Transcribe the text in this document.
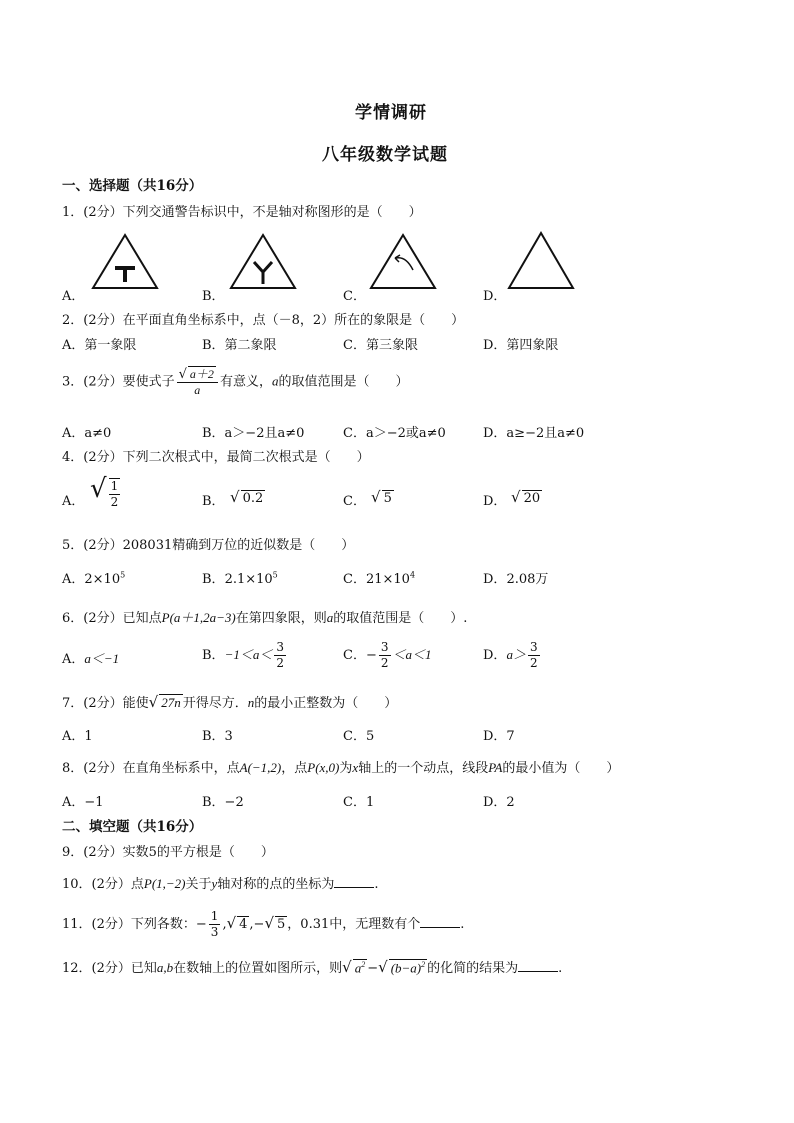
学情调研
八年级数学试题
一、选择题（共16分）
1．(2分）下列交通警告标识中，不是轴对称图形的是（　　）
A．	B．	C．	D．
2．(2分）在平面直角坐标系中，点（－8，2）所在的象限是（　　）
A．第一象限	B．第二象限	C．第三象限	D．第四象限
3．(2分）要使式子 $\frac{√ a+2}{a}$ 有意义，a的取值范围是（　　）
A．a≠0	B．a＞−2且a≠0	C．a＞−2或a≠0	D．a≥−2且a≠0
4．(2分）下列二次根式中，最简二次根式是（　　）
A． √ $\frac{1}{2}$	B． √ 0.2	C． √ 5	D． √ 20
5．(2分）208031精确到万位的近似数是（　　）
A．$2\times 10^5$	B．$2.1\times 10^5$	C．$21\times 10^4$	D．2.08万
6．(2分）已知点P(a＋1,2a−3)在第四象限，则a的取值范围是（　　）.
A．a＜−1	B．$-1<a< \frac{3}{2}$	C．− $\frac{3}{2} <a<1$	D．$a> \frac{3}{2}$
7．(2分）能使√ 27n 开得尽方．n的最小正整数为（　　）
A．1	B．3	C．5	D．7
8．(2分）在直角坐标系中，点A(−1,2)，点P(x,0)为x轴上的一个动点，线段PA的最小值为（　　）
A．−1	B．−2	C．1	D．2
二、填空题（共16分）
9．(2分）实数5的平方根是（　　）
10．(2分）点P(1,−2)关于y轴对称的点的坐标为	.
11．(2分）下列各数：− $\frac{1}{3}$ ,√ 4 ,−√ 5 ，0.31中，无理数有个	.
12．(2分）已知a,b在数轴上的位置如图所示，则√ $a^2$ −√ $(b-a)^2$ 的化简的结果为	.
